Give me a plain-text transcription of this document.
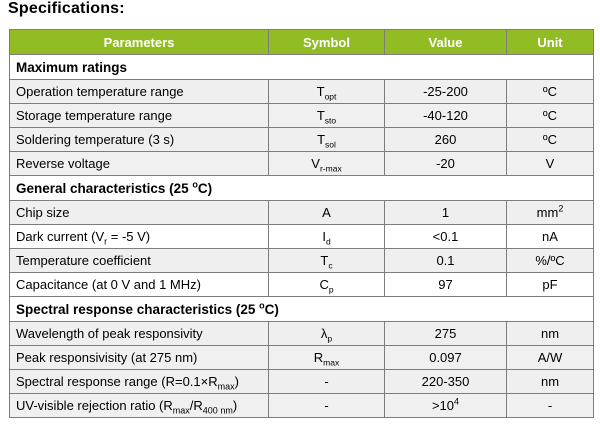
Specifications:
Parameters	Symbol	Value	Unit
Maximum ratings			
Operation temperature range	$T_{opt}$	-25-200	ºC
Storage temperature range	$T_{sto}$	-40-120	ºC
Soldering temperature (3 s)	$T_{sol}$	260	ºC
Reverse voltage	$V_{r-max}$	-20	V
General characteristics (25 $^o$C)			
Chip size	A	1	$mm^2$
Dark current ($V_r = -5$ V)	$I_d$	<0.1	nA
Temperature coefficient	$T_c$	0.1	%/ºC
Capacitance (at 0 V and 1 MHz)	$C_p$	97	pF
Spectral response characteristics (25 $^o$C)			
Wavelength of peak responsivity	$\lambda_p$	275	nm
Peak responsivisity (at 275 nm)	$R_{max}$	0.097	A/W
Spectral response range $(R=0.1\times R_{max})$	-	220-350	nm
UV-visible rejection ratio $(R_{max}/R_{400 nm})$	-	$>10^4$	-
